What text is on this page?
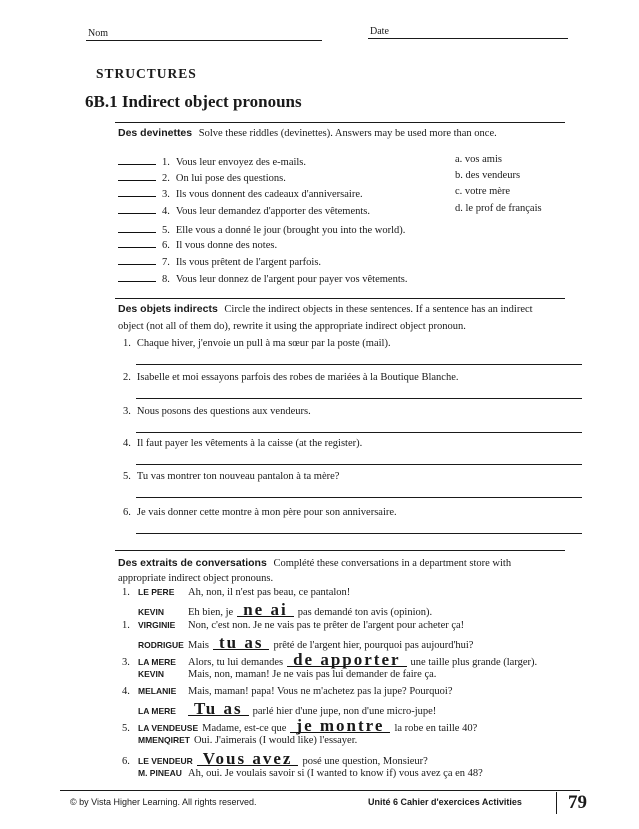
Nom	Date
STRUCTURES
6B.1 Indirect object pronouns
Des devinettes Solve these riddles (devinettes). Answers may be used more than once.
1. Vous leur envoyez des e-mails.
2. On lui pose des questions.
3. Ils vous donnent des cadeaux d'anniversaire.
4. Vous leur demandez d'apporter des vêtements.
5. Elle vous a donné le jour (brought you into the world).
6. Il vous donne des notes.
7. Ils vous prêtent de l'argent parfois.
8. Vous leur donnez de l'argent pour payer vos vêtements.
a. vos amis
b. des vendeurs
c. votre mère
d. le prof de français
Des objets indirects Circle the indirect objects in these sentences. If a sentence has an indirect
object (not all of them do), rewrite it using the appropriate indirect object pronoun.
1. Chaque hiver, j'envoie un pull à ma sœur par la poste (mail).
2. Isabelle et moi essayons parfois des robes de mariées à la Boutique Blanche.
3. Nous posons des questions aux vendeurs.
4. Il faut payer les vêtements à la caisse (at the register).
5. Tu vas montrer ton nouveau pantalon à ta mère?
6. Je vais donner cette montre à mon père pour son anniversaire.
Des extraits de conversations Complété these conversations in a department store with
appropriate indirect object pronouns.
1. LE PERE Ah, non, il n'est pas beau, ce pantalon!
KEVIN Eh bien, je ne ai pas demandé ton avis (opinion).
1. VIRGINIE Non, c'est non. Je ne vais pas te prêter de l'argent pour acheter ça!
RODRIGUE Mais tu as prêté de l'argent hier, pourquoi pas aujourd'hui?
3. LA MERE Alors, tu lui demandes de apporter une taille plus grande (larger).
KEVIN Mais, non, maman! Je ne vais pas lui demander de faire ça.
4. MELANIE Mais, maman! papa! Vous ne m'achetez pas la jupe? Pourquoi?
LA MERE Tu as parlé hier d'une jupe, non d'une micro-jupe!
5. LA VENDEUSE Madame, est-ce que je montre la robe en taille 40?
MMENQIRET Oui. J'aimerais (I would like) l'essayer.
6. LE VENDEUR Vous avez posé une question, Monsieur?
M. PINEAU Ah, oui. Je voulais savoir si (I wanted to know if) vous avez ça en 48?
© by Vista Higher Learning. All rights reserved.	Unité 6 Cahier d'exercices Activities 79
